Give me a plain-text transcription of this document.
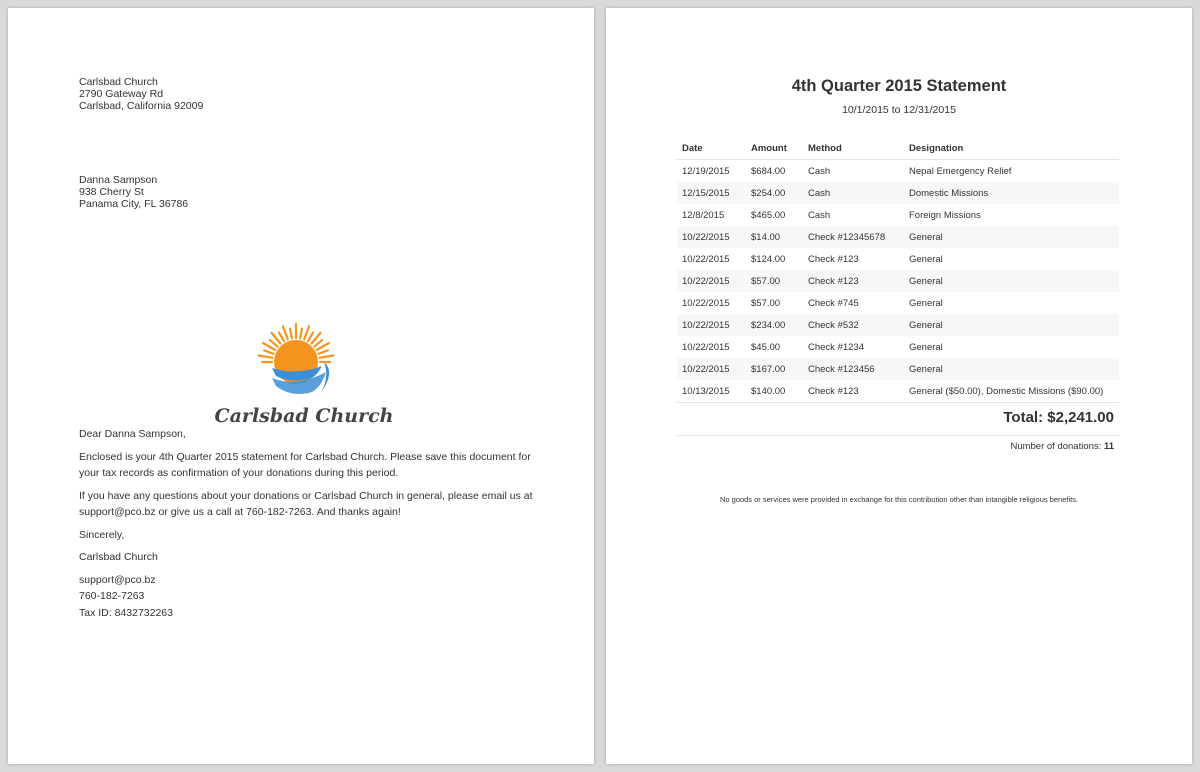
Carlsbad Church
2790 Gateway Rd
Carlsbad, California 92009
Danna Sampson
938 Cherry St
Panama City, FL 36786
Carlsbad Church

Dear Danna Sampson,

Enclosed is your 4th Quarter 2015 statement for Carlsbad Church. Please save this document for your tax records as confirmation of your donations during this period.

If you have any questions about your donations or Carlsbad Church in general, please email us at support@pco.bz or give us a call at 760-182-7263. And thanks again!

Sincerely,

Carlsbad Church

support@pco.bz
760-182-7263
Tax ID: 8432732263
4th Quarter 2015 Statement
10/1/2015 to 12/31/2015
Date	Amount	Method	Designation
12/19/2015	$684.00	Cash	Nepal Emergency Relief
12/15/2015	$254.00	Cash	Domestic Missions
12/8/2015	$465.00	Cash	Foreign Missions
10/22/2015	$14.00	Check #12345678	General
10/22/2015	$124.00	Check #123	General
10/22/2015	$57.00	Check #123	General
10/22/2015	$57.00	Check #745	General
10/22/2015	$234.00	Check #532	General
10/22/2015	$45.00	Check #1234	General
10/22/2015	$167.00	Check #123456	General
10/13/2015	$140.00	Check #123	General ($50.00), Domestic Missions ($90.00)
Total: $2,241.00
Number of donations: 11
No goods or services were provided in exchange for this contribution other than intangible religious benefits.
